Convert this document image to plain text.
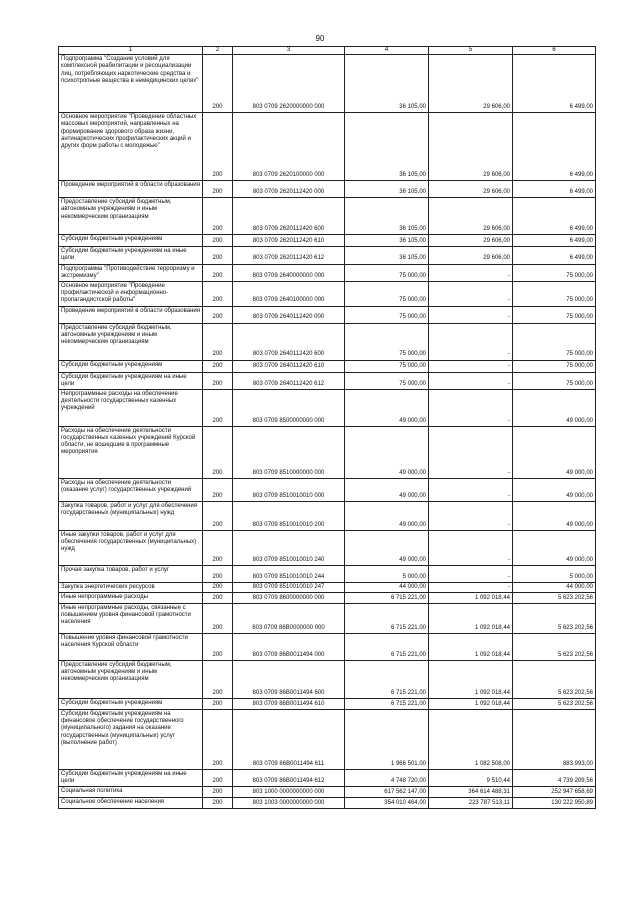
90
1	2	3	4	5	6
Подпрограмма "Создание условий для комплексной реабилитации и ресоциализации лиц, потребляющих наркотические средства и психотропные вещества в немедицинских целях"	200	803 0709 2620000000 000	36 105,00	29 606,00	6 499,00
Основное мероприятие "Проведение областных массовых мероприятий, направленных на формирование здорового образа жизни, антинаркотических профилактических акций и других форм работы с молодежью"	200	803 0709 2620100000 000	36 105,00	29 606,00	6 499,00
Проведение мероприятий в области образования	200	803 0709 2620112420 000	36 105,00	29 606,00	6 499,00
Предоставление субсидий бюджетным, автономным учреждениям и иным некоммерческим организациям	200	803 0709 2620112420 600	36 105,00	29 606,00	6 499,00
Субсидии бюджетным учреждениям	200	803 0709 2620112420 610	36 105,00	29 606,00	6 499,00
Субсидии бюджетным учреждениям на иные цели	200	803 0709 2620112420 612	36 105,00	29 606,00	6 499,00
Подпрограмма "Противодействие терроризму и экстремизму"	200	803 0709 2640000000 000	75 000,00	-	75 000,00
Основное мероприятие "Проведение профилактической и информационно-пропагандистской работы"	200	803 0709 2640100000 000	75 000,00	-	75 000,00
Проведение мероприятий в области образования	200	803 0709 2640112420 000	75 000,00	-	75 000,00
Предоставление субсидий бюджетным, автономным учреждениям и иным некоммерческим организациям	200	803 0709 2640112420 600	75 000,00	-	75 000,00
Субсидии бюджетным учреждениям	200	803 0709 2640112420 610	75 000,00	-	75 000,00
Субсидии бюджетным учреждениям на иные цели	200	803 0709 2640112420 612	75 000,00	-	75 000,00
Непрограммные расходы на обеспечение деятельности государственных казенных учреждений	200	803 0709 8500000000 000	49 000,00	-	49 000,00
Расходы на обеспечение деятельности государственных казенных учреждений Курской области, не вошедшие в программные мероприятия	200	803 0709 8510000000 000	49 000,00	-	49 000,00
Расходы на обеспечение деятельности (оказание услуг) государственных учреждений	200	803 0709 8510010010 000	49 000,00	-	49 000,00
Закупка товаров, работ и услуг для обеспечения государственных (муниципальных) нужд	200	803 0709 8510010010 200	49 000,00	-	49 000,00
Иные закупки товаров, работ и услуг для обеспечения государственных (муниципальных) нужд	200	803 0709 8510010010 240	49 000,00	-	49 000,00
Прочая закупка товаров, работ и услуг	200	803 0709 8510010010 244	5 000,00	-	5 000,00
Закупка энергетических ресурсов	200	803 0709 8510010010 247	44 000,00	-	44 000,00
Иные непрограммные расходы	200	803 0709 8600000000 000	6 715 221,00	1 092 018,44	5 623 202,56
Иные непрограммные расходы, связанные с повышением уровня финансовой грамотности населения	200	803 0709 86B0000000 000	6 715 221,00	1 092 018,44	5 623 202,56
Повышение уровня финансовой грамотности населения Курской области	200	803 0709 86B0011494 000	6 715 221,00	1 092 018,44	5 623 202,56
Предоставление субсидий бюджетным, автономным учреждениям и иным некоммерческим организациям	200	803 0709 86B0011494 600	6 715 221,00	1 092 018,44	5 623 202,56
Субсидии бюджетным учреждениям	200	803 0709 86B0011494 610	6 715 221,00	1 092 018,44	5 623 202,56
Субсидии бюджетным учреждениям на финансовое обеспечение государственного (муниципального) задания на оказание государственных (муниципальных) услуг (выполнение работ)	200	803 0709 86B0011494 611	1 966 501,00	1 082 508,00	883 993,00
Субсидии бюджетным учреждениям на иные цели	200	803 0709 86B0011494 612	4 748 720,00	9 510,44	4 739 209,56
Социальная политика	200	803 1000 0000000000 000	617 562 147,00	364 614 488,31	252 947 658,69
Социальное обеспечение населения	200	803 1003 0000000000 000	354 010 464,00	223 787 513,11	130 222 950,89
